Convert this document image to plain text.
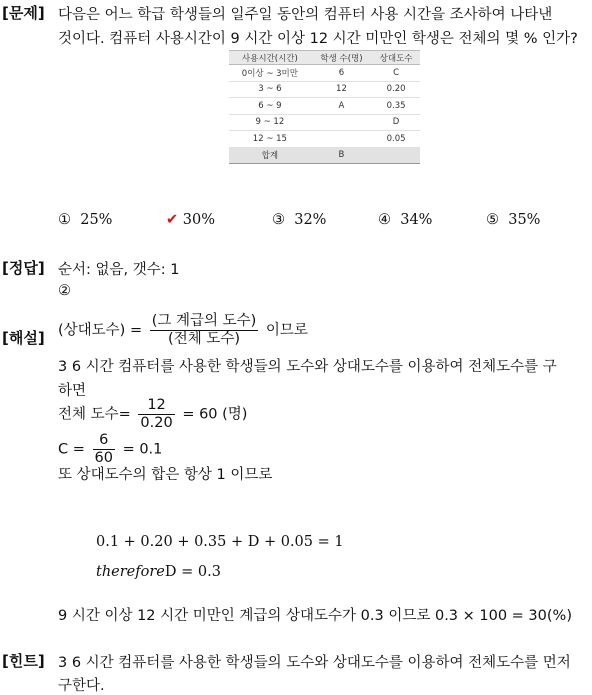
[문제] 다음은 어느 학급 학생들의 일주일 동안의 컴퓨터 사용 시간을 조사하여 나타낸
것이다. 컴퓨터 사용시간이 9 시간 이상 12 시간 미만인 학생은 전체의 몇 % 인가?
사용시간(시간)	학생 수(명)	상대도수
0이상 ~ 3미만	6	C
3 ~ 6	12	0.20
6 ~ 9	A	0.35
9 ~ 12		D
12 ~ 15		0.05
합계	B	
① 25%	✔ 30%	③ 32%	④ 34%	⑤ 35%
[정답] 순서: 없음, 갯수: 1
②
[해설] (상대도수) = $\frac{\text{(그 계급의 도수)}}{\text{(전체 도수)}}$ 이므로
3 6 시간 컴퓨터를 사용한 학생들의 도수와 상대도수를 이용하여 전체도수를 구
하면
전체 도수= $\frac{12}{0.20} = 60$ (명)
$C = \frac{6}{60} = 0.1$
또 상대도수의 합은 항상 1 이므로
0.1 + 0.20 + 0.35 + D + 0.05 = 1
thereforeD = 0.3
9 시간 이상 12 시간 미만인 계급의 상대도수가 0.3 이므로 0.3 × 100 = 30(%)
[힌트] 3 6 시간 컴퓨터를 사용한 학생들의 도수와 상대도수를 이용하여 전체도수를 먼저
구한다.
